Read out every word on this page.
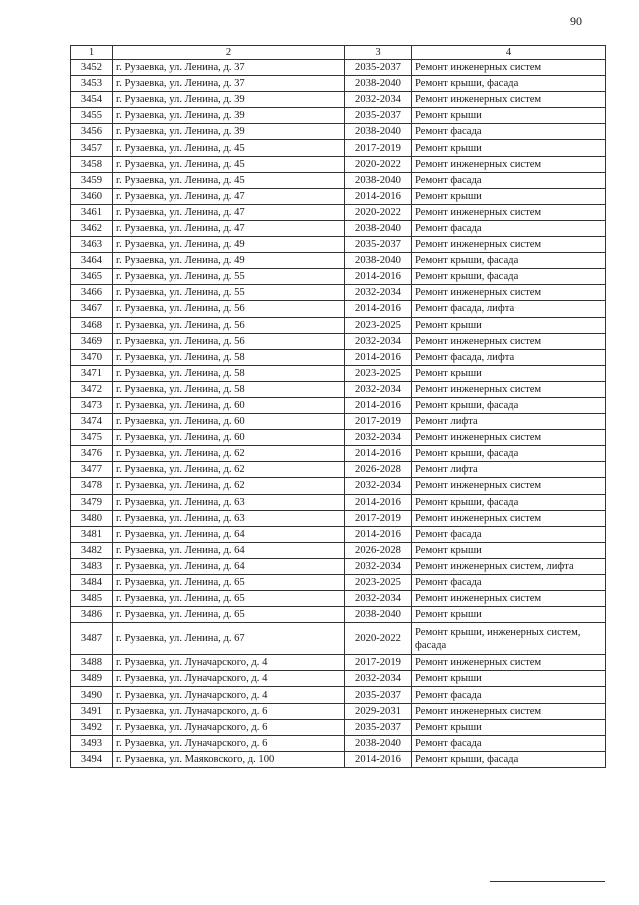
90
1	2	3	4
3452	г. Рузаевка, ул. Ленина, д. 37	2035-2037	Ремонт инженерных систем
3453	г. Рузаевка, ул. Ленина, д. 37	2038-2040	Ремонт крыши, фасада
3454	г. Рузаевка, ул. Ленина, д. 39	2032-2034	Ремонт инженерных систем
3455	г. Рузаевка, ул. Ленина, д. 39	2035-2037	Ремонт крыши
3456	г. Рузаевка, ул. Ленина, д. 39	2038-2040	Ремонт фасада
3457	г. Рузаевка, ул. Ленина, д. 45	2017-2019	Ремонт крыши
3458	г. Рузаевка, ул. Ленина, д. 45	2020-2022	Ремонт инженерных систем
3459	г. Рузаевка, ул. Ленина, д. 45	2038-2040	Ремонт фасада
3460	г. Рузаевка, ул. Ленина, д. 47	2014-2016	Ремонт крыши
3461	г. Рузаевка, ул. Ленина, д. 47	2020-2022	Ремонт инженерных систем
3462	г. Рузаевка, ул. Ленина, д. 47	2038-2040	Ремонт фасада
3463	г. Рузаевка, ул. Ленина, д. 49	2035-2037	Ремонт инженерных систем
3464	г. Рузаевка, ул. Ленина, д. 49	2038-2040	Ремонт крыши, фасада
3465	г. Рузаевка, ул. Ленина, д. 55	2014-2016	Ремонт крыши, фасада
3466	г. Рузаевка, ул. Ленина, д. 55	2032-2034	Ремонт инженерных систем
3467	г. Рузаевка, ул. Ленина, д. 56	2014-2016	Ремонт фасада, лифта
3468	г. Рузаевка, ул. Ленина, д. 56	2023-2025	Ремонт крыши
3469	г. Рузаевка, ул. Ленина, д. 56	2032-2034	Ремонт инженерных систем
3470	г. Рузаевка, ул. Ленина, д. 58	2014-2016	Ремонт фасада, лифта
3471	г. Рузаевка, ул. Ленина, д. 58	2023-2025	Ремонт крыши
3472	г. Рузаевка, ул. Ленина, д. 58	2032-2034	Ремонт инженерных систем
3473	г. Рузаевка, ул. Ленина, д. 60	2014-2016	Ремонт крыши, фасада
3474	г. Рузаевка, ул. Ленина, д. 60	2017-2019	Ремонт лифта
3475	г. Рузаевка, ул. Ленина, д. 60	2032-2034	Ремонт инженерных систем
3476	г. Рузаевка, ул. Ленина, д. 62	2014-2016	Ремонт крыши, фасада
3477	г. Рузаевка, ул. Ленина, д. 62	2026-2028	Ремонт лифта
3478	г. Рузаевка, ул. Ленина, д. 62	2032-2034	Ремонт инженерных систем
3479	г. Рузаевка, ул. Ленина, д. 63	2014-2016	Ремонт крыши, фасада
3480	г. Рузаевка, ул. Ленина, д. 63	2017-2019	Ремонт инженерных систем
3481	г. Рузаевка, ул. Ленина, д. 64	2014-2016	Ремонт фасада
3482	г. Рузаевка, ул. Ленина, д. 64	2026-2028	Ремонт крыши
3483	г. Рузаевка, ул. Ленина, д. 64	2032-2034	Ремонт инженерных систем, лифта
3484	г. Рузаевка, ул. Ленина, д. 65	2023-2025	Ремонт фасада
3485	г. Рузаевка, ул. Ленина, д. 65	2032-2034	Ремонт инженерных систем
3486	г. Рузаевка, ул. Ленина, д. 65	2038-2040	Ремонт крыши
3487	г. Рузаевка, ул. Ленина, д. 67	2020-2022	Ремонт крыши, инженерных систем, фасада
3488	г. Рузаевка, ул. Луначарского, д. 4	2017-2019	Ремонт инженерных систем
3489	г. Рузаевка, ул. Луначарского, д. 4	2032-2034	Ремонт крыши
3490	г. Рузаевка, ул. Луначарского, д. 4	2035-2037	Ремонт фасада
3491	г. Рузаевка, ул. Луначарского, д. 6	2029-2031	Ремонт инженерных систем
3492	г. Рузаевка, ул. Луначарского, д. 6	2035-2037	Ремонт крыши
3493	г. Рузаевка, ул. Луначарского, д. 6	2038-2040	Ремонт фасада
3494	г. Рузаевка, ул. Маяковского, д. 100	2014-2016	Ремонт крыши, фасада
